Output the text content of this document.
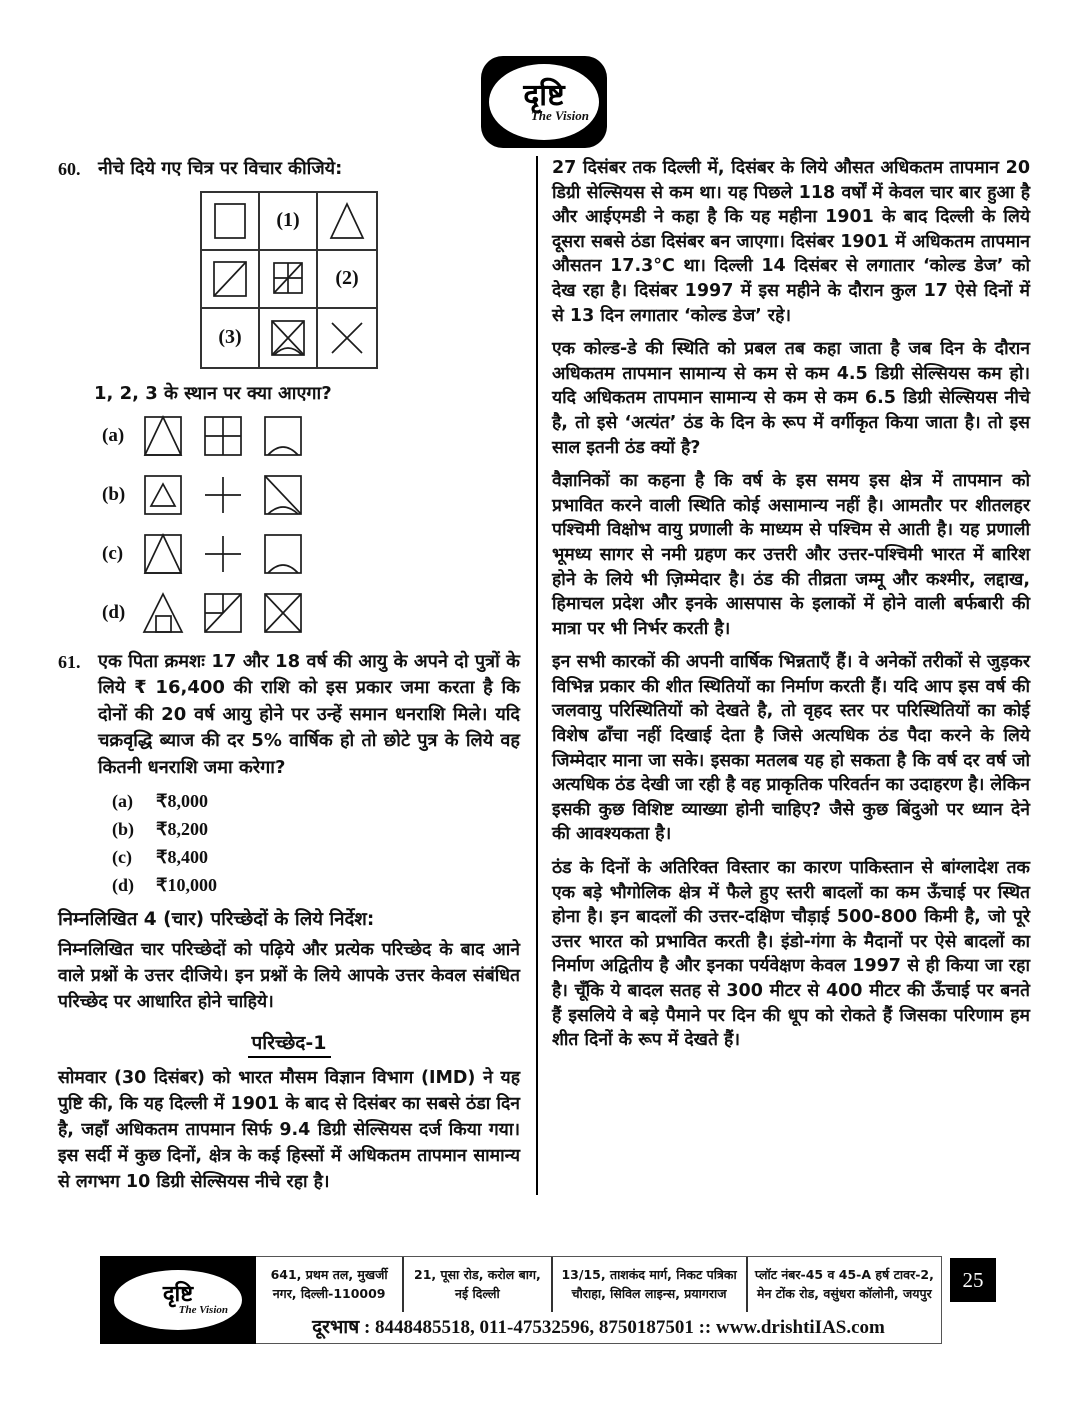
दृष्टि
The Vision
60. नीचे दिये गए चित्र पर विचार कीजिये:
(1)
(2)
(3)
1, 2, 3 के स्थान पर क्या आएगा?
(a)
(b)
(c)
(d)
61. एक पिता क्रमशः 17 और 18 वर्ष की आयु के अपने दो पुत्रों के लिये ₹ 16,400 की राशि को इस प्रकार जमा करता है कि दोनों की 20 वर्ष आयु होने पर उन्हें समान धनराशि मिले। यदि चक्रवृद्धि ब्याज की दर 5% वार्षिक हो तो छोटे पुत्र के लिये वह कितनी धनराशि जमा करेगा?
(a)	₹8,000
(b)	₹8,200
(c)	₹8,400
(d)	₹10,000
निम्नलिखित 4 (चार) परिच्छेदों के लिये निर्देश:
निम्नलिखित चार परिच्छेदों को पढ़िये और प्रत्येक परिच्छेद के बाद आने वाले प्रश्नों के उत्तर दीजिये। इन प्रश्नों के लिये आपके उत्तर केवल संबंधित परिच्छेद पर आधारित होने चाहिये।
परिच्छेद-1
सोमवार (30 दिसंबर) को भारत मौसम विज्ञान विभाग (IMD) ने यह पुष्टि की, कि यह दिल्ली में 1901 के बाद से दिसंबर का सबसे ठंडा दिन है, जहाँ अधिकतम तापमान सिर्फ 9.4 डिग्री सेल्सियस दर्ज किया गया। इस सर्दी में कुछ दिनों, क्षेत्र के कई हिस्सों में अधिकतम तापमान सामान्य से लगभग 10 डिग्री सेल्सियस नीचे रहा है।
27 दिसंबर तक दिल्ली में, दिसंबर के लिये औसत अधिकतम तापमान 20 डिग्री सेल्सियस से कम था। यह पिछले 118 वर्षों में केवल चार बार हुआ है और आईएमडी ने कहा है कि यह महीना 1901 के बाद दिल्ली के लिये दूसरा सबसे ठंडा दिसंबर बन जाएगा। दिसंबर 1901 में अधिकतम तापमान औसतन 17.3°C था। दिल्ली 14 दिसंबर से लगातार ‘कोल्ड डेज’ को देख रहा है। दिसंबर 1997 में इस महीने के दौरान कुल 17 ऐसे दिनों में से 13 दिन लगातार ‘कोल्ड डेज’ रहे।
एक कोल्ड-डे की स्थिति को प्रबल तब कहा जाता है जब दिन के दौरान अधिकतम तापमान सामान्य से कम से कम 4.5 डिग्री सेल्सियस कम हो। यदि अधिकतम तापमान सामान्य से कम से कम 6.5 डिग्री सेल्सियस नीचे है, तो इसे ‘अत्यंत’ ठंड के दिन के रूप में वर्गीकृत किया जाता है। तो इस साल इतनी ठंड क्यों है?
वैज्ञानिकों का कहना है कि वर्ष के इस समय इस क्षेत्र में तापमान को प्रभावित करने वाली स्थिति कोई असामान्य नहीं है। आमतौर पर शीतलहर पश्चिमी विक्षोभ वायु प्रणाली के माध्यम से पश्चिम से आती है। यह प्रणाली भूमध्य सागर से नमी ग्रहण कर उत्तरी और उत्तर-पश्चिमी भारत में बारिश होने के लिये भी ज़िम्मेदार है। ठंड की तीव्रता जम्मू और कश्मीर, लद्दाख, हिमाचल प्रदेश और इनके आसपास के इलाकों में होने वाली बर्फबारी की मात्रा पर भी निर्भर करती है।
इन सभी कारकों की अपनी वार्षिक भिन्नताएँ हैं। वे अनेकों तरीकों से जुड़कर विभिन्न प्रकार की शीत स्थितियों का निर्माण करती हैं। यदि आप इस वर्ष की जलवायु परिस्थितियों को देखते है, तो वृहद स्तर पर परिस्थितियों का कोई विशेष ढाँचा नहीं दिखाई देता है जिसे अत्यधिक ठंड पैदा करने के लिये जिम्मेदार माना जा सके। इसका मतलब यह हो सकता है कि वर्ष दर वर्ष जो अत्यधिक ठंड देखी जा रही है वह प्राकृतिक परिवर्तन का उदाहरण है। लेकिन इसकी कुछ विशिष्ट व्याख्या होनी चाहिए? जैसे कुछ बिंदुओ पर ध्यान देने की आवश्यकता है।
ठंड के दिनों के अतिरिक्त विस्तार का कारण पाकिस्तान से बांग्लादेश तक एक बड़े भौगोलिक क्षेत्र में फैले हुए स्तरी बादलों का कम ऊँचाई पर स्थित होना है। इन बादलों की उत्तर-दक्षिण चौड़ाई 500-800 किमी है, जो पूरे उत्तर भारत को प्रभावित करती है। इंडो-गंगा के मैदानों पर ऐसे बादलों का निर्माण अद्वितीय है और इनका पर्यवेक्षण केवल 1997 से ही किया जा रहा है। चूँकि ये बादल सतह से 300 मीटर से 400 मीटर की ऊँचाई पर बनते हैं इसलिये वे बड़े पैमाने पर दिन की धूप को रोकते हैं जिसका परिणाम हम शीत दिनों के रूप में देखते हैं।
दृष्टि
The Vision
641, प्रथम तल, मुखर्जी नगर, दिल्ली-110009
21, पूसा रोड, करोल बाग, नई दिल्ली
13/15, ताशकंद मार्ग, निकट पत्रिका चौराहा, सिविल लाइन्स, प्रयागराज
प्लॉट नंबर-45 व 45-A हर्ष टावर-2, मेन टोंक रोड, वसुंधरा कॉलोनी, जयपुर
दूरभाष : 8448485518, 011-47532596, 8750187501 :: www.drishtiIAS.com
25
